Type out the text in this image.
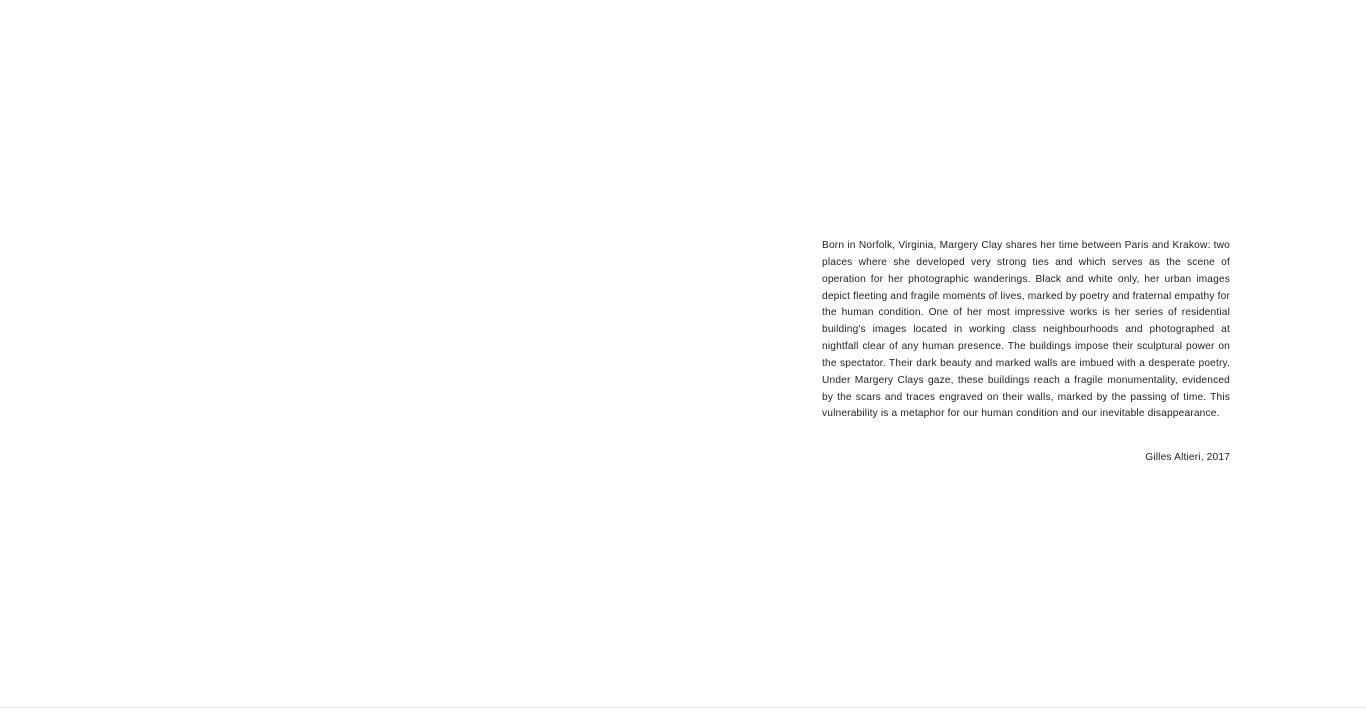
Born in Norfolk, Virginia, Margery Clay shares her time between Paris and Krakow: two places where she developed very strong ties and which serves as the scene of operation for her photographic wanderings. Black and white only, her urban images depict fleeting and fragile moments of lives, marked by poetry and fraternal empathy for the human condition. One of her most impressive works is her series of residential building's images located in working class neighbourhoods and photographed at nightfall clear of any human presence. The buildings impose their sculptural power on the spectator. Their dark beauty and marked walls are imbued with a desperate poetry. Under Margery Clays gaze, these buildings reach a fragile monumentality, evidenced by the scars and traces engraved on their walls, marked by the passing of time. This vulnerability is a metaphor for our human condition and our inevitable disappearance.

Gilles Altieri, 2017
